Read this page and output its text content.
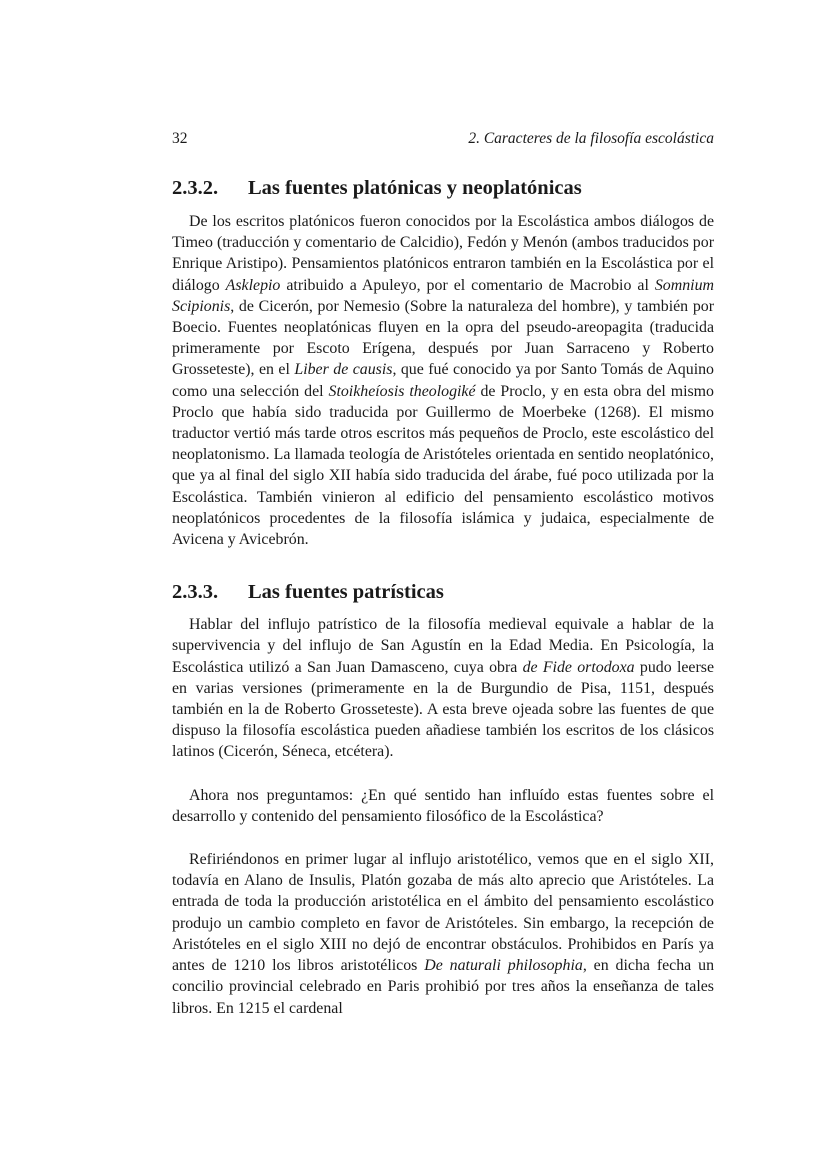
32	2. Caracteres de la filosofía escolástica
2.3.2. Las fuentes platónicas y neoplatónicas

De los escritos platónicos fueron conocidos por la Escolástica ambos diálogos de Timeo (traducción y comentario de Calcidio), Fedón y Menón (ambos traducidos por Enrique Aristipo). Pensamientos platónicos entraron también en la Escolástica por el diálogo Asklepio atribuido a Apuleyo, por el comentario de Macrobio al Somnium Scipionis, de Cicerón, por Nemesio (Sobre la naturaleza del hombre), y también por Boecio. Fuentes neoplatónicas fluyen en la opra del pseudo-areopagita (traducida primeramente por Escoto Erígena, después por Juan Sarraceno y Roberto Grosseteste), en el Liber de causis, que fué conocido ya por Santo Tomás de Aquino como una selección del Stoikheíosis theologiké de Proclo, y en esta obra del mismo Proclo que había sido traducida por Guillermo de Moerbeke (1268). El mismo traductor vertió más tarde otros escritos más pequeños de Proclo, este escolástico del neoplatonismo. La llamada teología de Aristóteles orientada en sentido neoplatónico, que ya al final del siglo XII había sido traducida del árabe, fué poco utilizada por la Escolástica. También vinieron al edificio del pensamiento escolástico motivos neoplatónicos procedentes de la filosofía islámica y judaica, especialmente de Avicena y Avicebrón.

2.3.3. Las fuentes patrísticas

Hablar del influjo patrístico de la filosofía medieval equivale a hablar de la supervivencia y del influjo de San Agustín en la Edad Media. En Psicología, la Escolástica utilizó a San Juan Damasceno, cuya obra de Fide ortodoxa pudo leerse en varias versiones (primeramente en la de Burgundio de Pisa, 1151, después también en la de Roberto Grosseteste). A esta breve ojeada sobre las fuentes de que dispuso la filosofía escolástica pueden añadiese también los escritos de los clásicos latinos (Cicerón, Séneca, etcétera).

Ahora nos preguntamos: ¿En qué sentido han influído estas fuentes sobre el desarrollo y contenido del pensamiento filosófico de la Escolástica?

Refiriéndonos en primer lugar al influjo aristotélico, vemos que en el siglo XII, todavía en Alano de Insulis, Platón gozaba de más alto aprecio que Aristóteles. La entrada de toda la producción aristotélica en el ámbito del pensamiento escolástico produjo un cambio completo en favor de Aristóteles. Sin embargo, la recepción de Aristóteles en el siglo XIII no dejó de encontrar obstáculos. Prohibidos en París ya antes de 1210 los libros aristotélicos De naturali philosophia, en dicha fecha un concilio provincial celebrado en Paris prohibió por tres años la enseñanza de tales libros. En 1215 el cardenal
